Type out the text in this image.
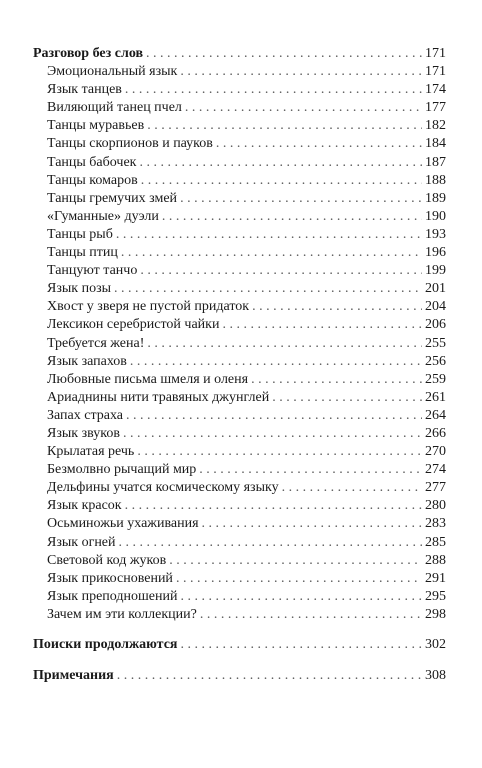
Разговор без слов . . .	171
Эмоциональный язык . . .	171
Язык танцев . . .	174
Виляющий танец пчел . . .	177
Танцы муравьев . . .	182
Танцы скорпионов и пауков . . .	184
Танцы бабочек . . .	187
Танцы комаров . . .	188
Танцы гремучих змей . . .	189
«Гуманные» дуэли . . .	190
Танцы рыб . . .	193
Танцы птиц . . .	196
Танцуют танчо . . .	199
Язык позы . . .	201
Хвост у зверя не пустой придаток . . .	204
Лексикон серебристой чайки . . .	206
Требуется жена! . . .	255
Язык запахов . . .	256
Любовные письма шмеля и оленя . . .	259
Ариаднины нити травяных джунглей . . .	261
Запах страха . . .	264
Язык звуков . . .	266
Крылатая речь . . .	270
Безмолвно рычащий мир . . .	274
Дельфины учатся космическому языку . . .	277
Язык красок . . .	280
Осьминожьи ухаживания . . .	283
Язык огней . . .	285
Световой код жуков . . .	288
Язык прикосновений . . .	291
Язык преподношений . . .	295
Зачем им эти коллекции? . . .	298
Поиски продолжаются . . .	302
Примечания . . .	308
